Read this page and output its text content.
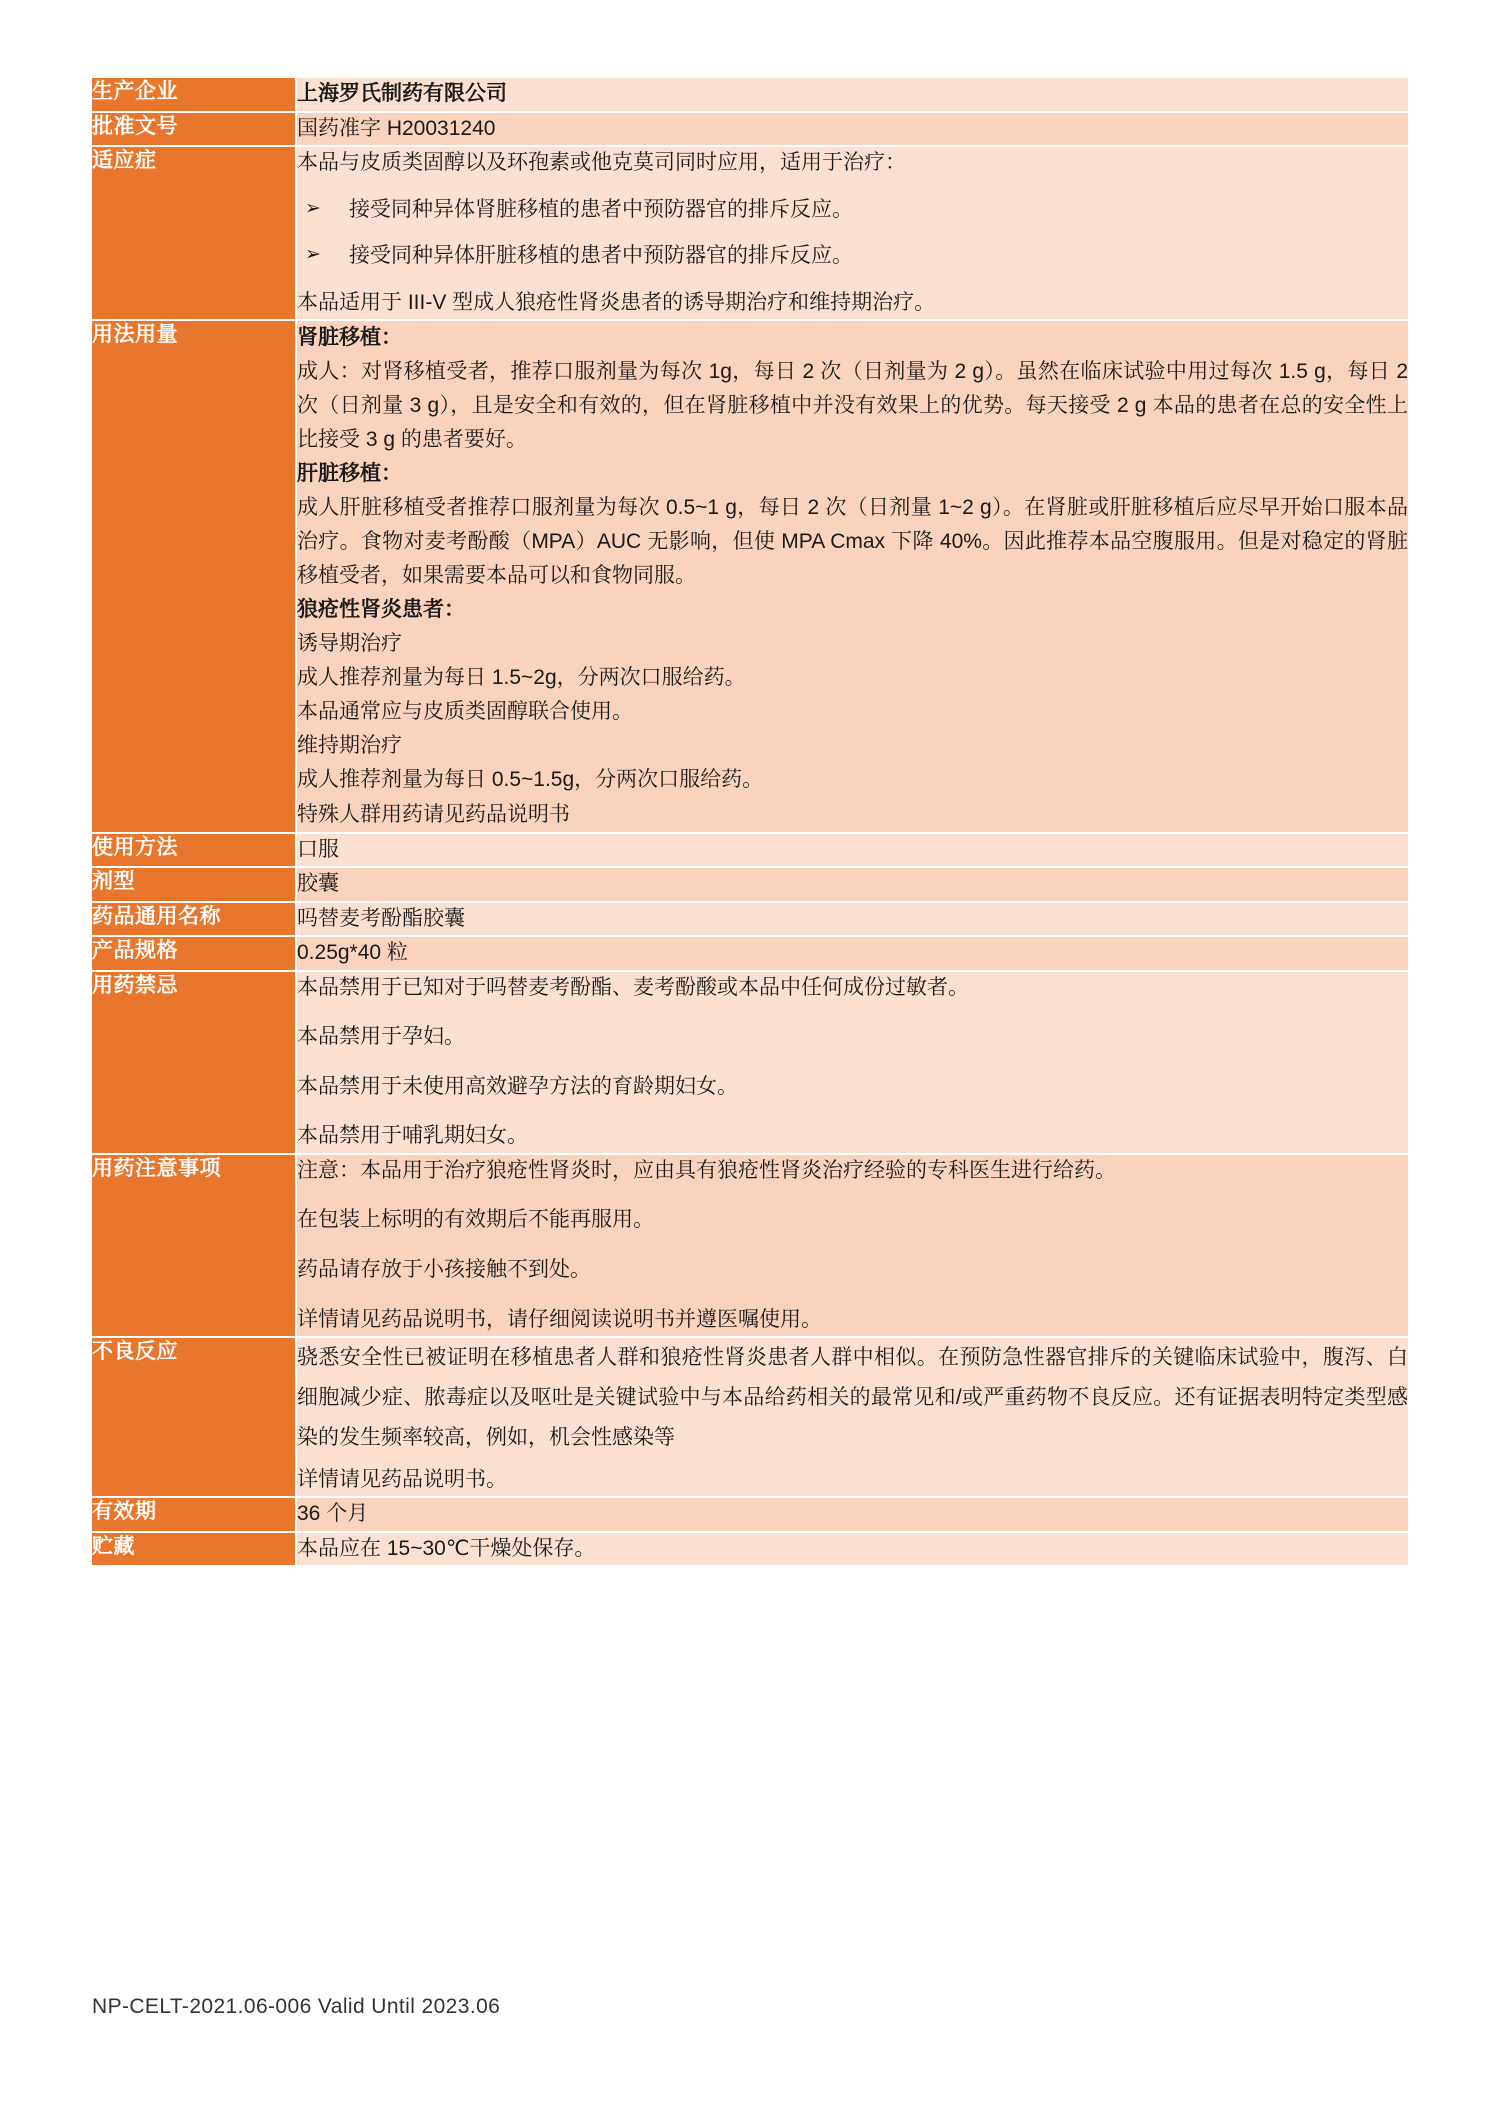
生产企业	上海罗氏制药有限公司
批准文号	国药准字 H20031240
适应症	本品与皮质类固醇以及环孢素或他克莫司同时应用，适用于治疗：

➢	接受同种异体肾脏移植的患者中预防器官的排斥反应。
➢	接受同种异体肝脏移植的患者中预防器官的排斥反应。

本品适用于 III-V 型成人狼疮性肾炎患者的诱导期治疗和维持期治疗。

用法用量	肾脏移植：

成人：对肾移植受者，推荐口服剂量为每次 1g，每日 2 次（日剂量为 2 g）。虽然在临床试验中用过每次 1.5 g，每日 2 次（日剂量 3 g），且是安全和有效的，但在肾脏移植中并没有效果上的优势。每天接受 2 g 本品的患者在总的安全性上比接受 3 g 的患者要好。

肝脏移植：

成人肝脏移植受者推荐口服剂量为每次 0.5~1 g，每日 2 次（日剂量 1~2 g）。在肾脏或肝脏移植后应尽早开始口服本品治疗。食物对麦考酚酸（MPA）AUC 无影响，但使 MPA Cmax 下降 40%。因此推荐本品空腹服用。但是对稳定的肾脏移植受者，如果需要本品可以和食物同服。

狼疮性肾炎患者：

诱导期治疗

成人推荐剂量为每日 1.5~2g，分两次口服给药。

本品通常应与皮质类固醇联合使用。

维持期治疗

成人推荐剂量为每日 0.5~1.5g，分两次口服给药。

特殊人群用药请见药品说明书

使用方法	口服
剂型	胶囊
药品通用名称	吗替麦考酚酯胶囊
产品规格	0.25g*40 粒
用药禁忌	本品禁用于已知对于吗替麦考酚酯、麦考酚酸或本品中任何成份过敏者。

本品禁用于孕妇。

本品禁用于未使用高效避孕方法的育龄期妇女。

本品禁用于哺乳期妇女。

用药注意事项	注意：本品用于治疗狼疮性肾炎时，应由具有狼疮性肾炎治疗经验的专科医生进行给药。

在包装上标明的有效期后不能再服用。

药品请存放于小孩接触不到处。

详情请见药品说明书，请仔细阅读说明书并遵医嘱使用。

不良反应	骁悉安全性已被证明在移植患者人群和狼疮性肾炎患者人群中相似。在预防急性器官排斥的关键临床试验中，腹泻、白细胞减少症、脓毒症以及呕吐是关键试验中与本品给药相关的最常见和/或严重药物不良反应。还有证据表明特定类型感染的发生频率较高，例如，机会性感染等

详情请见药品说明书。

有效期	36 个月
贮藏	本品应在 15~30℃干燥处保存。
NP-CELT-2021.06-006 Valid Until 2023.06
